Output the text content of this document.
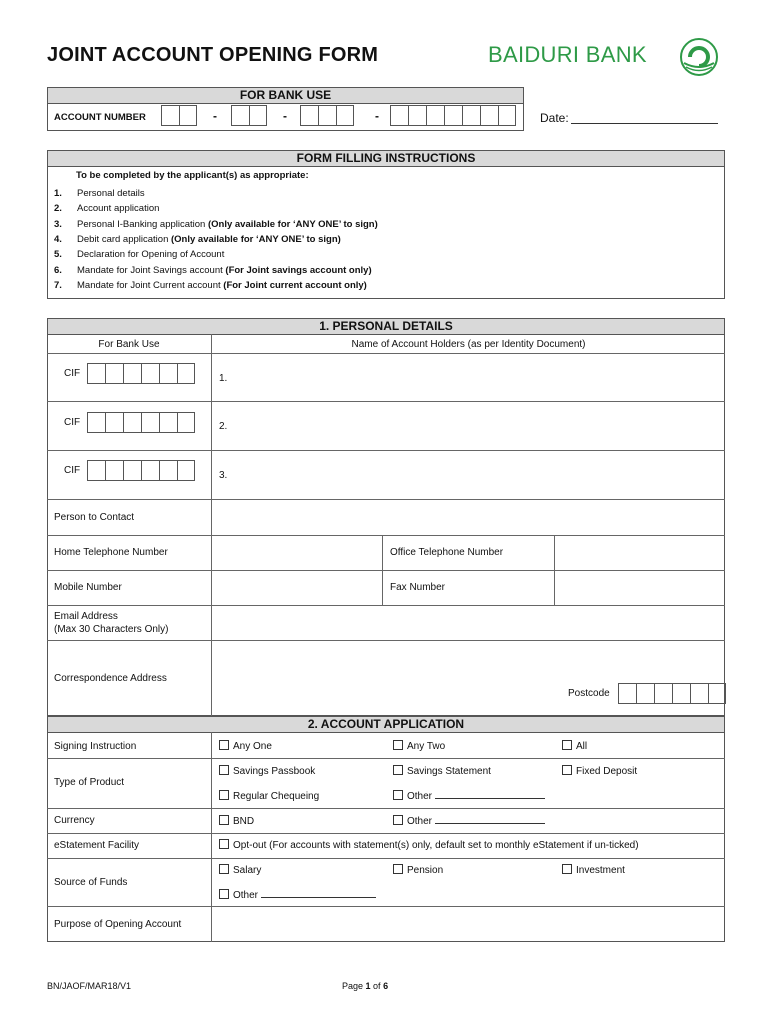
JOINT ACCOUNT OPENING FORM	BAIDURI BANK
FOR BANK USE
ACCOUNT NUMBER	-	-	-	Date:
FORM FILLING INSTRUCTIONS
To be completed by the applicant(s) as appropriate:
1. Personal details
2. Account application
3. Personal I-Banking application (Only available for ‘ANY ONE’ to sign)
4. Debit card application (Only available for ‘ANY ONE’ to sign)
5. Declaration for Opening of Account
6. Mandate for Joint Savings account (For Joint savings account only)
7. Mandate for Joint Current account (For Joint current account only)
1. PERSONAL DETAILS
For Bank Use	Name of Account Holders (as per Identity Document)
CIF	1.
CIF	2.
CIF	3.
Person to Contact
Home Telephone Number	Office Telephone Number
Mobile Number	Fax Number
Email Address
(Max 30 Characters Only)
Correspondence Address
Postcode
2. ACCOUNT APPLICATION
Signing Instruction	Any One	Any Two	All
Type of Product
Savings Passbook	Savings Statement	Fixed Deposit
Regular Chequeing	Other
Currency	BND	Other
eStatement Facility	Opt-out (For accounts with statement(s) only, default set to monthly eStatement if un-ticked)
Source of Funds
Salary	Pension	Investment
Other
Purpose of Opening Account
BN/JAOF/MAR18/V1	Page 1 of 6
